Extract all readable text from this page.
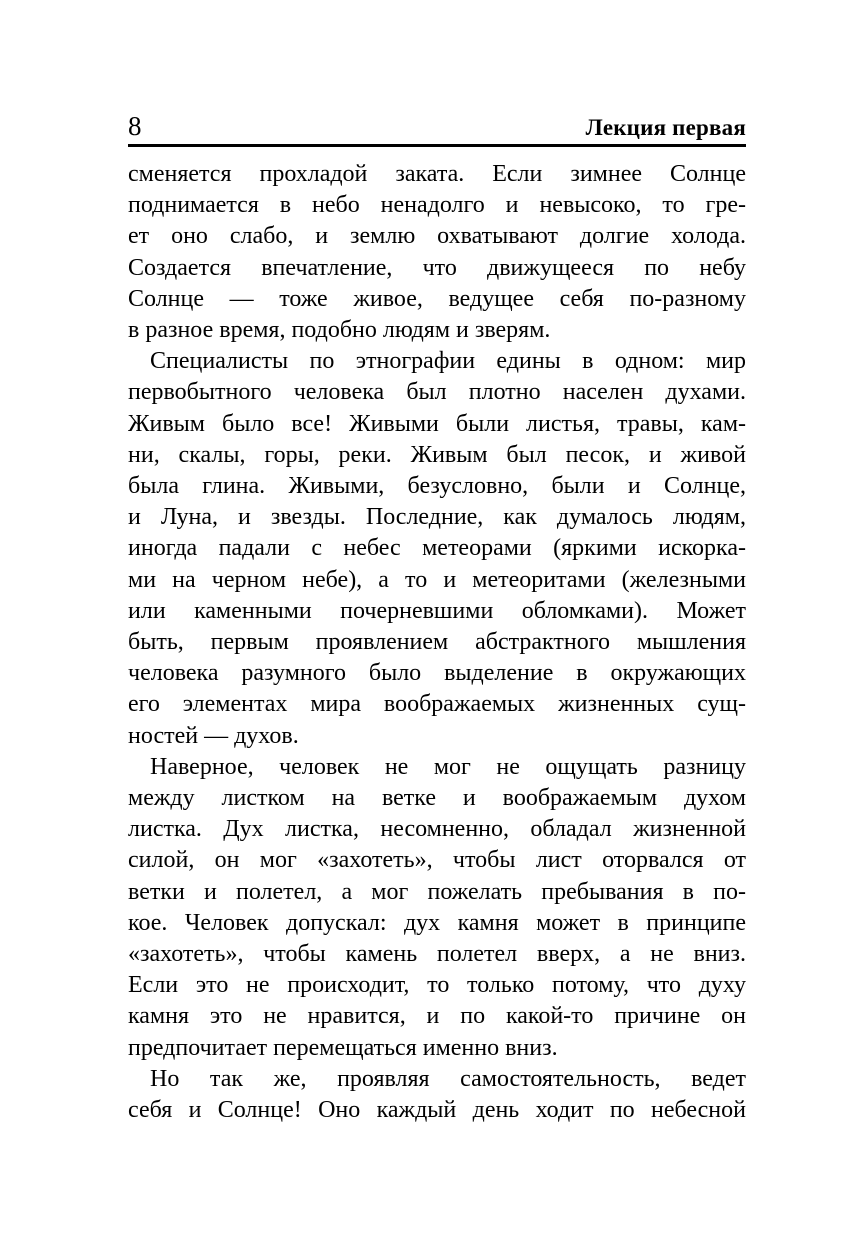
8	Лекция первая
сменяется прохладой заката. Если зимнее Солнце
поднимается в небо ненадолго и невысоко, то гре-
ет оно слабо, и землю охватывают долгие холода.
Создается впечатление, что движущееся по небу
Солнце — тоже живое, ведущее себя по-разному
в разное время, подобно людям и зверям.
Специалисты по этнографии едины в одном: мир
первобытного человека был плотно населен духами.
Живым было все! Живыми были листья, травы, кам-
ни, скалы, горы, реки. Живым был песок, и живой
была глина. Живыми, безусловно, были и Солнце,
и Луна, и звезды. Последние, как думалось людям,
иногда падали с небес метеорами (яркими искорка-
ми на черном небе), а то и метеоритами (железными
или каменными почерневшими обломками). Может
быть, первым проявлением абстрактного мышления
человека разумного было выделение в окружающих
его элементах мира воображаемых жизненных сущ-
ностей — духов.
Наверное, человек не мог не ощущать разницу
между листком на ветке и воображаемым духом
листка. Дух листка, несомненно, обладал жизненной
силой, он мог «захотеть», чтобы лист оторвался от
ветки и полетел, а мог пожелать пребывания в по-
кое. Человек допускал: дух камня может в принципе
«захотеть», чтобы камень полетел вверх, а не вниз.
Если это не происходит, то только потому, что духу
камня это не нравится, и по какой-то причине он
предпочитает перемещаться именно вниз.
Но так же, проявляя самостоятельность, ведет
себя и Солнце! Оно каждый день ходит по небесной
